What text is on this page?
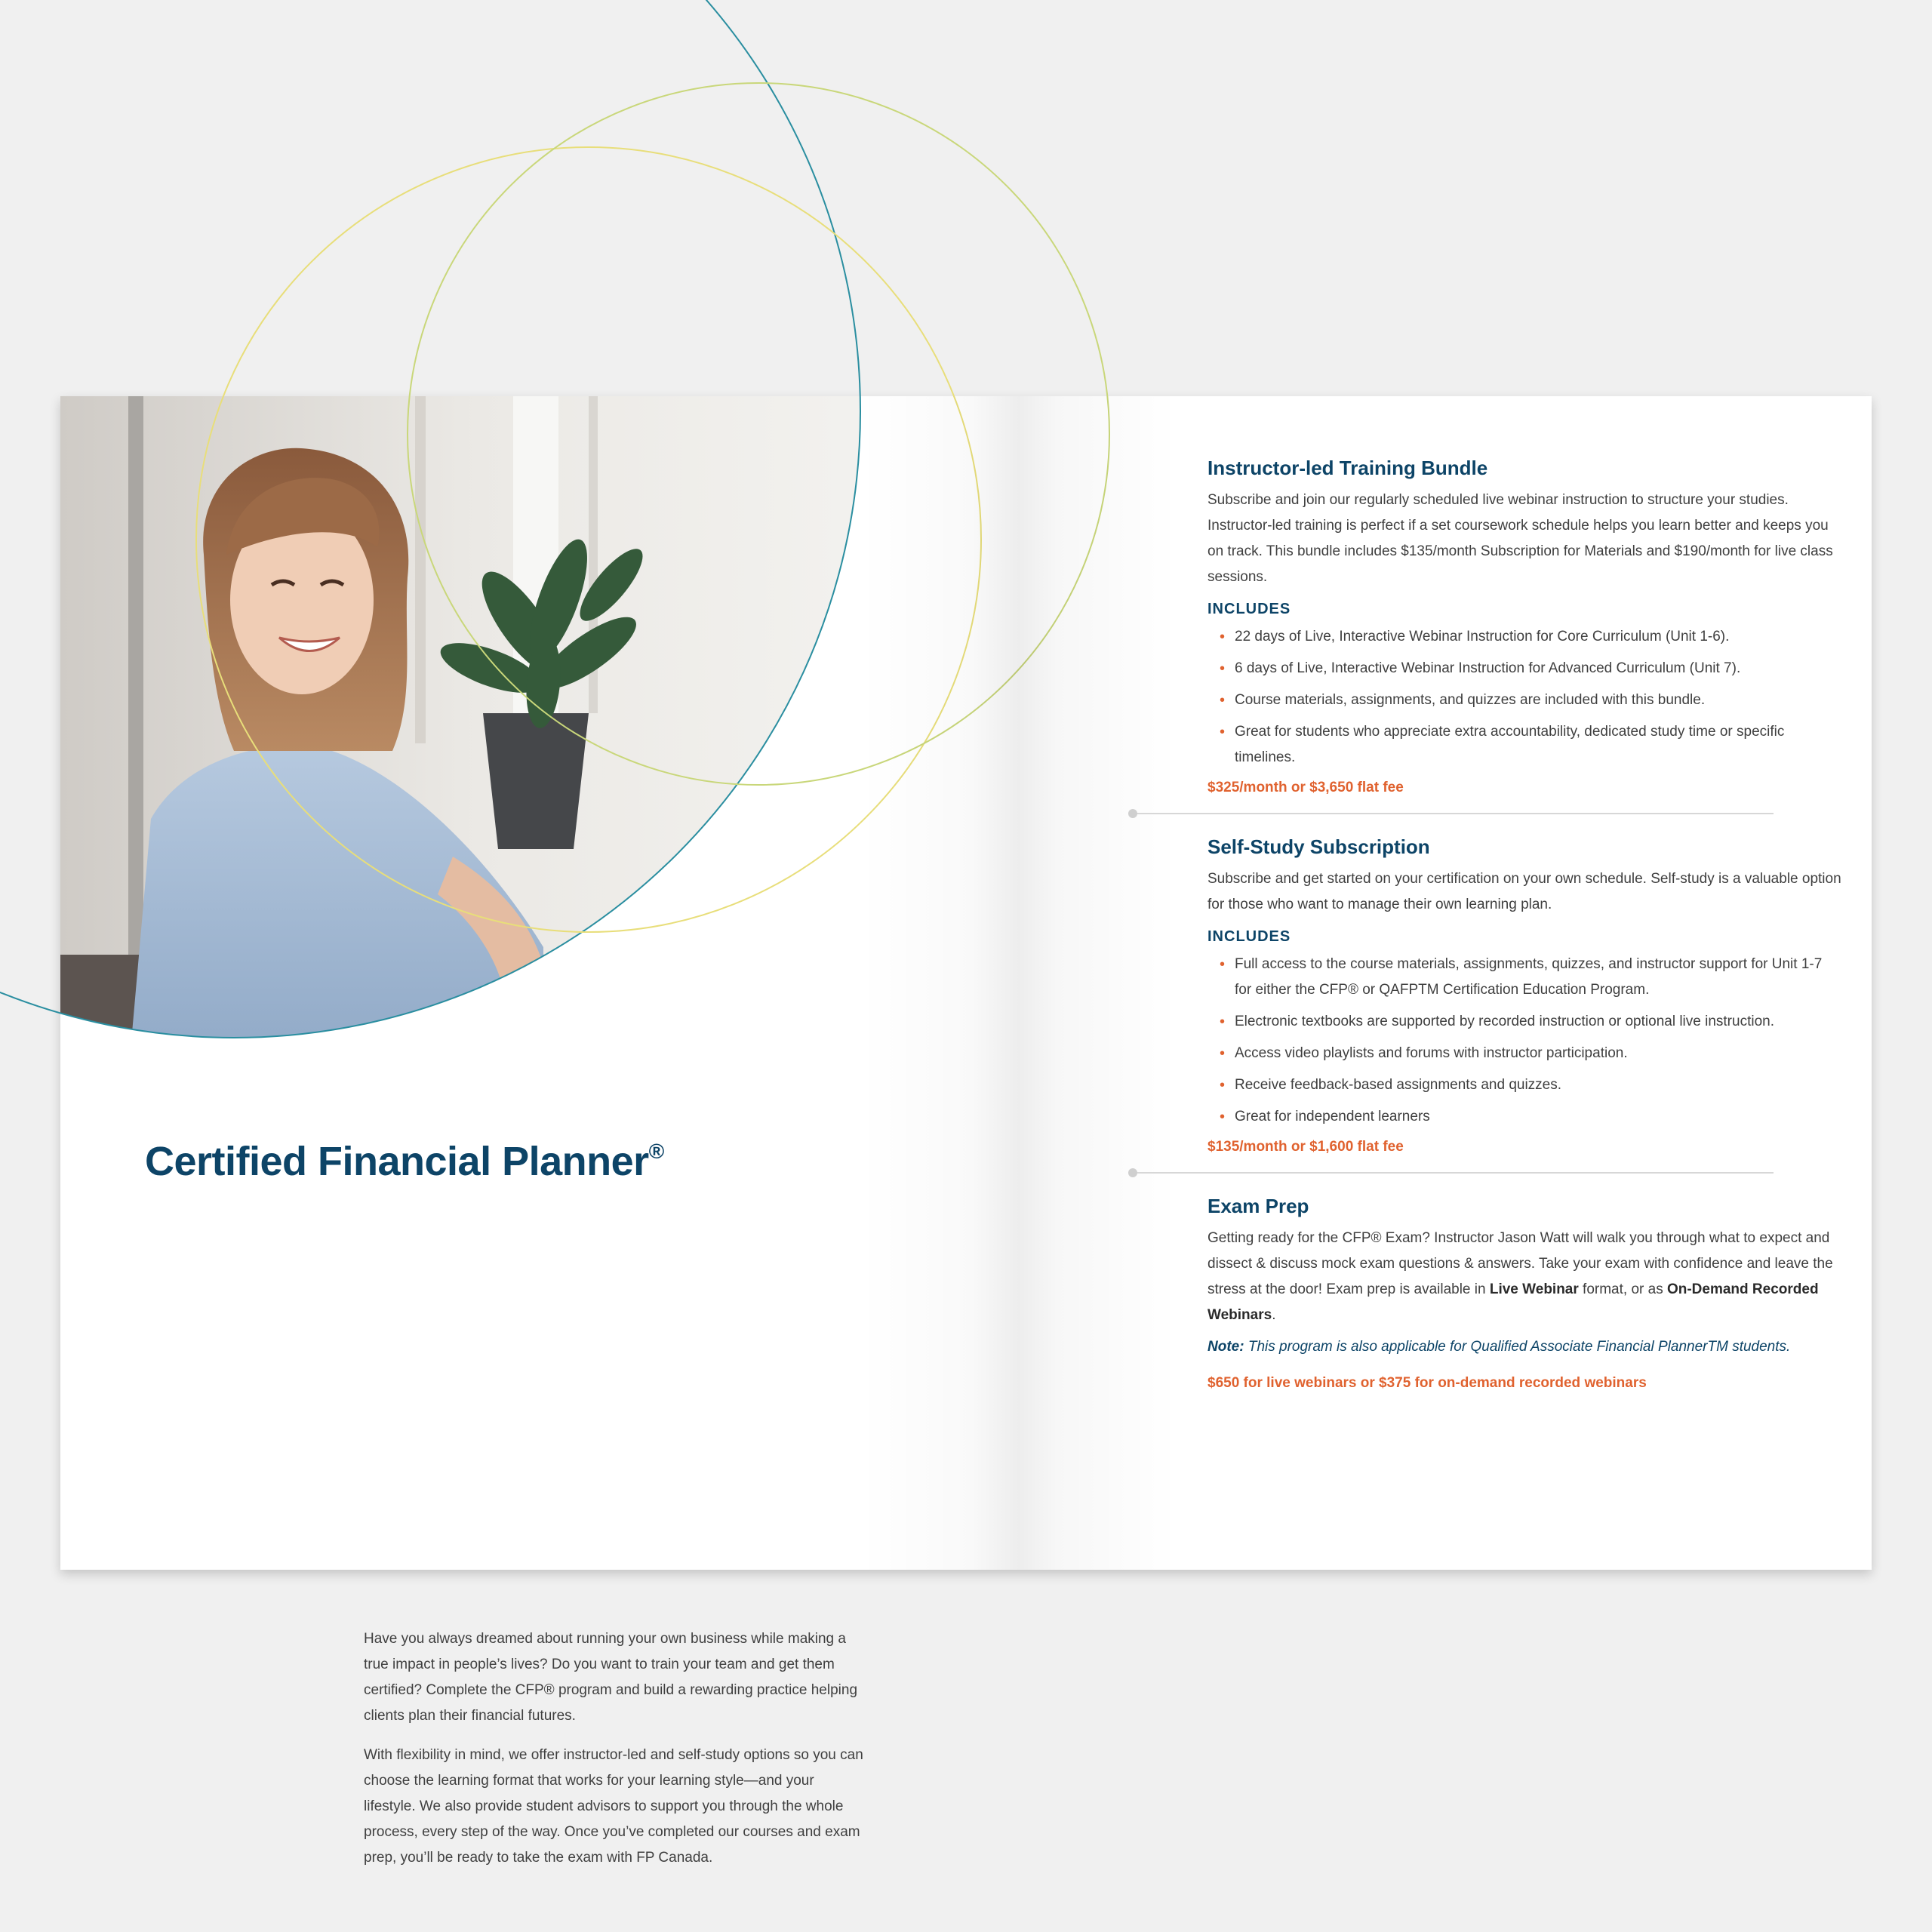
Certified Financial Planner®

Have you always dreamed about running your own business while making a true impact in people’s lives? Do you want to train your team and get them certified? Complete the CFP® program and build a rewarding practice helping clients plan their financial futures.

With flexibility in mind, we offer instructor-led and self-study options so you can choose the learning format that works for your learning style—and your lifestyle. We also provide student advisors to support you through the whole process, every step of the way. Once you’ve completed our courses and exam prep, you’ll be ready to take the exam with FP Canada.

Instructor-led Training Bundle

Subscribe and join our regularly scheduled live webinar instruction to structure your studies. Instructor-led training is perfect if a set coursework schedule helps you learn better and keeps you on track. This bundle includes $135/month Subscription for Materials and $190/month for live class sessions.

INCLUDES
• 22 days of Live, Interactive Webinar Instruction for Core Curriculum (Unit 1-6).
• 6 days of Live, Interactive Webinar Instruction for Advanced Curriculum (Unit 7).
• Course materials, assignments, and quizzes are included with this bundle.
• Great for students who appreciate extra accountability, dedicated study time or specific timelines.

$325/month or $3,650 flat fee

Self-Study Subscription

Subscribe and get started on your certification on your own schedule. Self-study is a valuable option for those who want to manage their own learning plan.

INCLUDES
• Full access to the course materials, assignments, quizzes, and instructor support for Unit 1-7 for either the CFP® or QAFPTM Certification Education Program.
• Electronic textbooks are supported by recorded instruction or optional live instruction.
• Access video playlists and forums with instructor participation.
• Receive feedback-based assignments and quizzes.
• Great for independent learners

$135/month or $1,600 flat fee

Exam Prep

Getting ready for the CFP® Exam? Instructor Jason Watt will walk you through what to expect and dissect & discuss mock exam questions & answers. Take your exam with confidence and leave the stress at the door! Exam prep is available in Live Webinar format, or as On-Demand Recorded Webinars.

Note: This program is also applicable for Qualified Associate Financial PlannerTM students.

$650 for live webinars or $375 for on-demand recorded webinars
